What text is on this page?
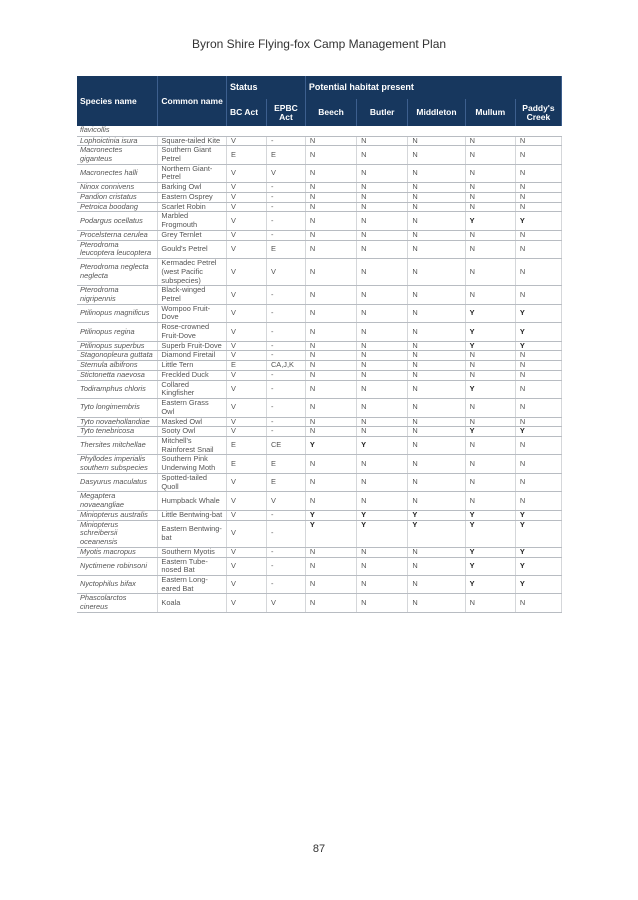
Byron Shire Flying-fox Camp Management Plan
Species name	Common name	Status		Potential habitat present				
		BC Act	EPBC Act	Beech	Butler	Middleton	Mullum	Paddy's Creek
flavicollis								
Lophoictinia isura	Square-tailed Kite	V	-	N	N	N	N	N
Macronectes giganteus	Southern Giant Petrel	E	E	N	N	N	N	N
Macronectes halli	Northern Giant-Petrel	V	V	N	N	N	N	N
Ninox connivens	Barking Owl	V	-	N	N	N	N	N
Pandion cristatus	Eastern Osprey	V	-	N	N	N	N	N
Petroica boodang	Scarlet Robin	V	-	N	N	N	N	N
Podargus ocellatus	Marbled Frogmouth	V	-	N	N	N	Y	Y
Procelsterna cerulea	Grey Ternlet	V	-	N	N	N	N	N
Pterodroma leucoptera leucoptera	Gould's Petrel	V	E	N	N	N	N	N
Pterodroma neglecta neglecta	Kermadec Petrel (west Pacific subspecies)	V	V	N	N	N	N	N
Pterodroma nigripennis	Black-winged Petrel	V	-	N	N	N	N	N
Ptilinopus magnificus	Wompoo Fruit-Dove	V	-	N	N	N	Y	Y
Ptilinopus regina	Rose-crowned Fruit-Dove	V	-	N	N	N	Y	Y
Ptilinopus superbus	Superb Fruit-Dove	V	-	N	N	N	Y	Y
Stagonopleura guttata	Diamond Firetail	V	-	N	N	N	N	N
Sternula albifrons	Little Tern	E	CA,J,K	N	N	N	N	N
Stictonetta naevosa	Freckled Duck	V	-	N	N	N	N	N
Todiramphus chloris	Collared Kingfisher	V	-	N	N	N	Y	N
Tyto longimembris	Eastern Grass Owl	V	-	N	N	N	N	N
Tyto novaehollandiae	Masked Owl	V	-	N	N	N	N	N
Tyto tenebricosa	Sooty Owl	V	-	N	N	N	Y	Y
Thersites mitchellae	Mitchell's Rainforest Snail	E	CE	Y	Y	N	N	N
Phyllodes imperialis southern subspecies	Southern Pink Underwing Moth	E	E	N	N	N	N	N
Dasyurus maculatus	Spotted-tailed Quoll	V	E	N	N	N	N	N
Megaptera novaeangliae	Humpback Whale	V	V	N	N	N	N	N
Miniopterus australis	Little Bentwing-bat	V	-	Y	Y	Y	Y	Y
Miniopterus schreibersii oceanensis	Eastern Bentwing-bat	V	-	Y	Y	Y	Y	Y
Myotis macropus	Southern Myotis	V	-	N	N	N	Y	Y
Nyctimene robinsoni	Eastern Tube-nosed Bat	V	-	N	N	N	Y	Y
Nyctophilus bifax	Eastern Long-eared Bat	V	-	N	N	N	Y	Y
Phascolarctos cinereus	Koala	V	V	N	N	N	N	N
87
